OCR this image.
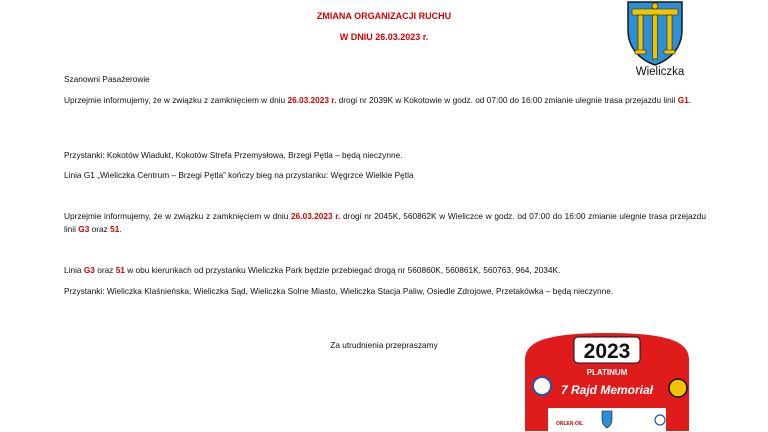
ZMIANA ORGANIZACJI RUCHU
W DNIU 26.03.2023 r.
Wieliczka
Szanowni Pasażerowie
Uprzejmie informujemy, że w związku z zamknięciem w dniu 26.03.2023 r. drogi nr 2039K w Kokotowie w godz. od 07:00 do 16:00 zmianie ulegnie trasa przejazdu linii G1.
Przystanki: Kokotów Wiadukt, Kokotów Strefa Przemysłowa, Brzegi Pętla – będą nieczynne.
Linia G1 „Wieliczka Centrum – Brzegi Pętla” kończy bieg na przystanku: Węgrzce Wielkie Pętla
Uprzejmie informujemy, że w związku z zamknięciem w dniu 26.03.2023 r. drogi nr 2045K, 560862K w Wieliczce w godz. od 07:00 do 16:00 zmianie ulegnie trasa przejazdu linii G3 oraz 51.
Linia G3 oraz 51 w obu kierunkach od przystanku Wieliczka Park będzie przebiegać drogą nr 560860K, 560861K, 560763, 964, 2034K.
Przystanki: Wieliczka Klaśnieńska, Wieliczka Sąd, Wieliczka Solne Miasto, Wieliczka Stacja Paliw, Osiedle Zdrojowe, Przetakówka – będą nieczynne.
Za utrudnienia przepraszamy	2023
PLATINUM
7 Rajd Memoriał
ORLEN OIL
